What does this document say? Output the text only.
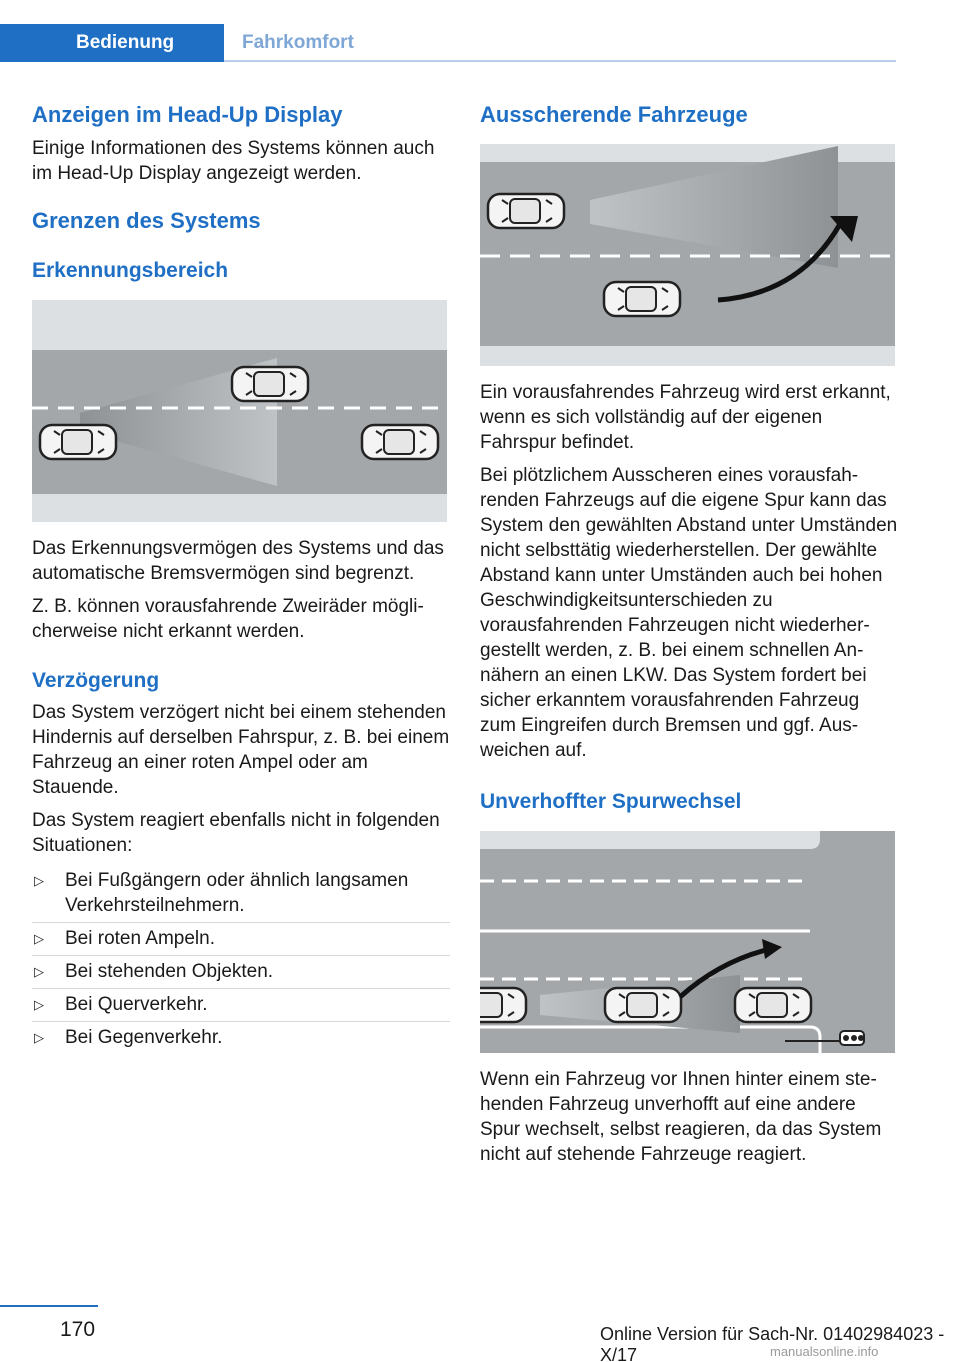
Bedienung	Fahrkomfort
Anzeigen im Head-Up Display

Einige Informationen des Systems können auch im Head-Up Display angezeigt werden.

Grenzen des Systems
Erkennungsbereich

Das Erkennungsvermögen des Systems und das automatische Bremsvermögen sind begrenzt.

Z. B. können vorausfahrende Zweiräder möglicherweise nicht erkannt werden.

Verzögerung

Das System verzögert nicht bei einem stehenden Hindernis auf derselben Fahrspur, z. B. bei einem Fahrzeug an einer roten Ampel oder am Stauende.

Das System reagiert ebenfalls nicht in folgenden Situationen:

▷ Bei Fußgängern oder ähnlich langsamen Verkehrsteilnehmern.
▷ Bei roten Ampeln.
▷ Bei stehenden Objekten.
▷ Bei Querverkehr.
▷ Bei Gegenverkehr.
Ausscherende Fahrzeuge

Ein vorausfahrendes Fahrzeug wird erst erkannt, wenn es sich vollständig auf der eigenen Fahrspur befindet.

Bei plötzlichem Ausscheren eines vorausfahrenden Fahrzeugs auf die eigene Spur kann das System den gewählten Abstand unter Umständen nicht selbsttätig wiederherstellen. Der gewählte Abstand kann unter Umständen auch bei hohen Geschwindigkeitsunterschieden zu vorausfahrenden Fahrzeugen nicht wiederhergestellt werden, z. B. bei einem schnellen Annähern an einen LKW. Das System fordert bei sicher erkanntem vorausfahrenden Fahrzeug zum Eingreifen durch Bremsen und ggf. Ausweichen auf.

Unverhoffter Spurwechsel

Wenn ein Fahrzeug vor Ihnen hinter einem stehenden Fahrzeug unverhofft auf eine andere Spur wechselt, selbst reagieren, da das System nicht auf stehende Fahrzeuge reagiert.

170	Online Version für Sach-Nr. 01402984023 - X/17	manualsonline.info
